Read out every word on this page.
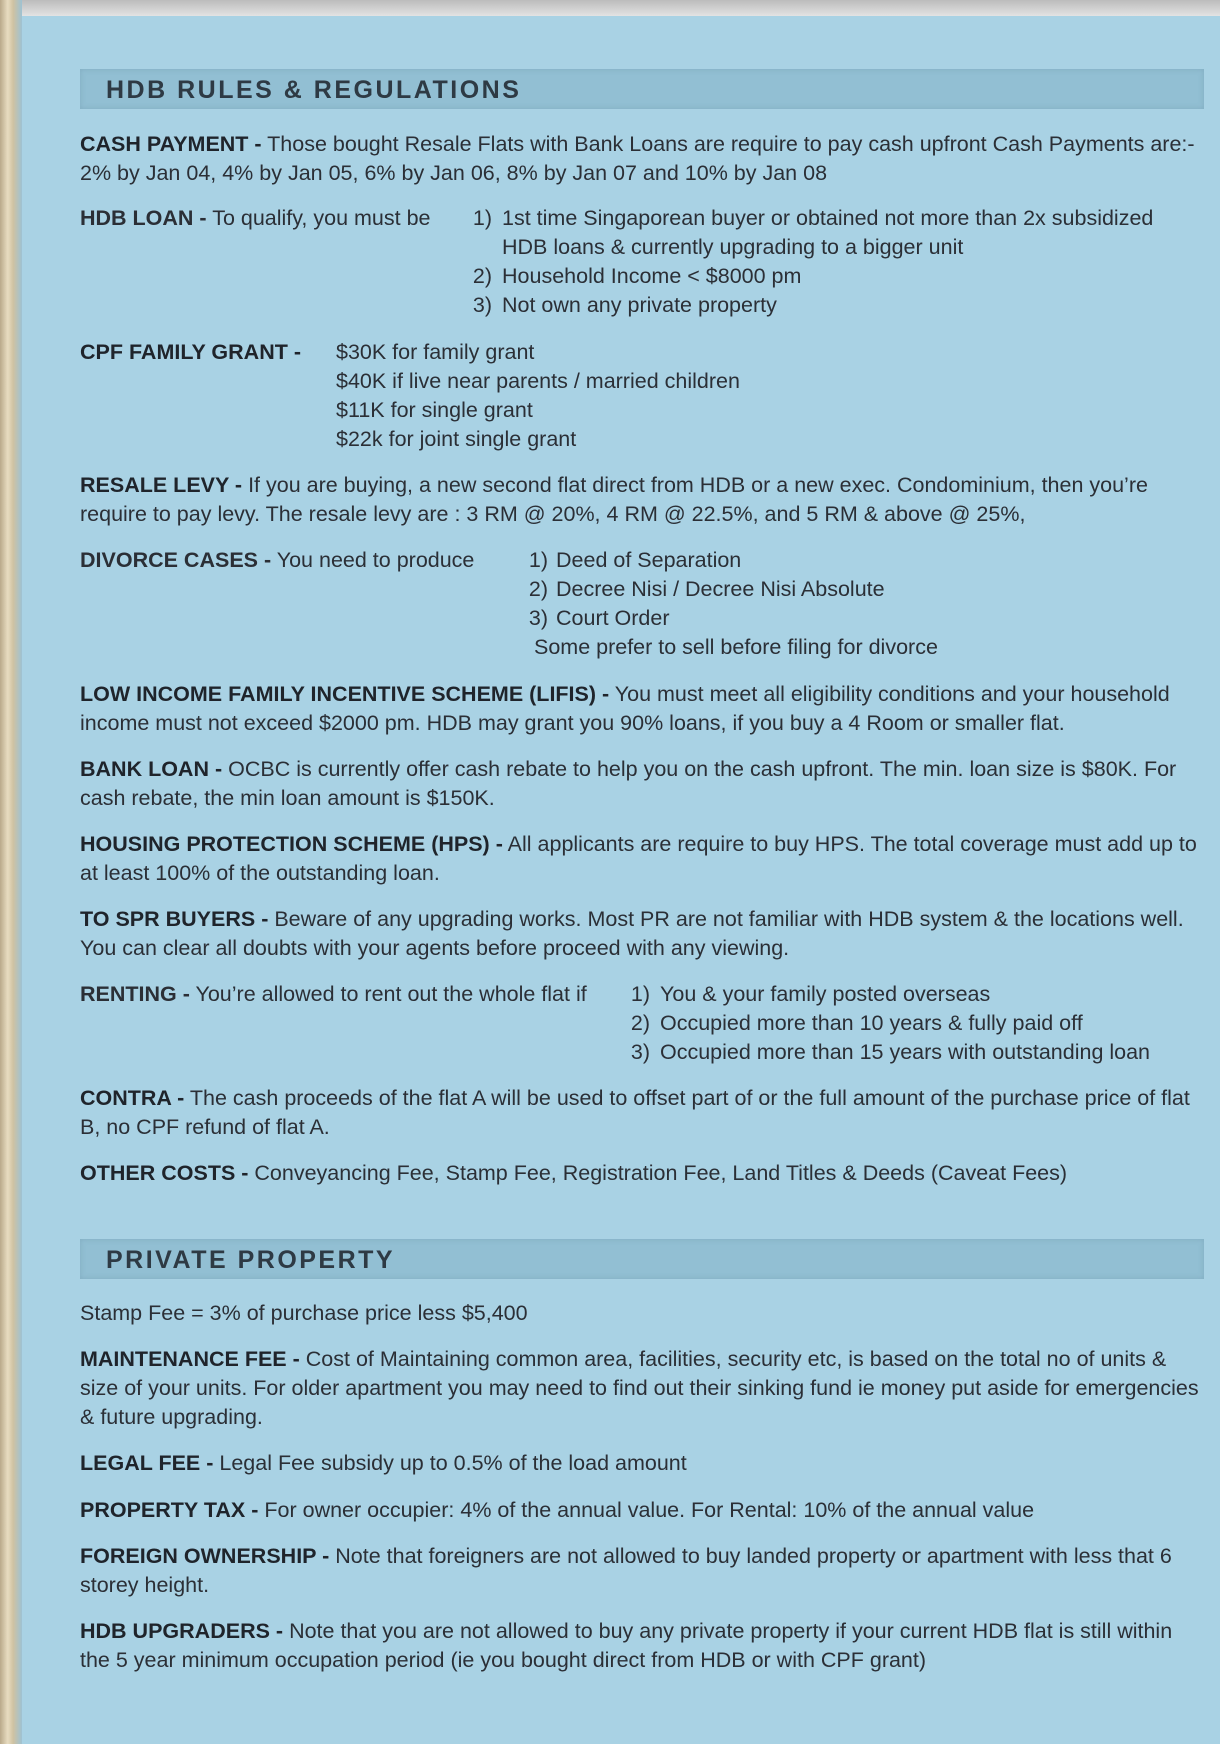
HDB RULES & REGULATIONS
CASH PAYMENT - Those bought Resale Flats with Bank Loans are require to pay cash upfront Cash Payments are:- 2% by Jan 04, 4% by Jan 05, 6% by Jan 06, 8% by Jan 07 and 10% by Jan 08
HDB LOAN - To qualify, you must be	1) 1st time Singaporean buyer or obtained not more than 2x subsidized
HDB loans & currently upgrading to a bigger unit
2) Household Income < $8000 pm
3) Not own any private property
CPF FAMILY GRANT - $30K for family grant
$40K if live near parents / married children
$11K for single grant
$22k for joint single grant
RESALE LEVY - If you are buying, a new second flat direct from HDB or a new exec. Condominium, then you’re require to pay levy. The resale levy are : 3 RM @ 20%, 4 RM @ 22.5%, and 5 RM & above @ 25%,
DIVORCE CASES - You need to produce	1) Deed of Separation
2) Decree Nisi / Decree Nisi Absolute
3) Court Order
Some prefer to sell before filing for divorce
LOW INCOME FAMILY INCENTIVE SCHEME (LIFIS) - You must meet all eligibility conditions and your household income must not exceed $2000 pm. HDB may grant you 90% loans, if you buy a 4 Room or smaller flat.
BANK LOAN - OCBC is currently offer cash rebate to help you on the cash upfront. The min. loan size is $80K. For cash rebate, the min loan amount is $150K.
HOUSING PROTECTION SCHEME (HPS) - All applicants are require to buy HPS. The total coverage must add up to at least 100% of the outstanding loan.
TO SPR BUYERS - Beware of any upgrading works. Most PR are not familiar with HDB system & the locations well. You can clear all doubts with your agents before proceed with any viewing.
RENTING - You’re allowed to rent out the whole flat if	1) You & your family posted overseas
2) Occupied more than 10 years & fully paid off
3) Occupied more than 15 years with outstanding loan
CONTRA - The cash proceeds of the flat A will be used to offset part of or the full amount of the purchase price of flat B, no CPF refund of flat A.
OTHER COSTS - Conveyancing Fee, Stamp Fee, Registration Fee, Land Titles & Deeds (Caveat Fees)
PRIVATE PROPERTY
Stamp Fee = 3% of purchase price less $5,400
MAINTENANCE FEE - Cost of Maintaining common area, facilities, security etc, is based on the total no of units & size of your units. For older apartment you may need to find out their sinking fund ie money put aside for emergencies & future upgrading.
LEGAL FEE - Legal Fee subsidy up to 0.5% of the load amount
PROPERTY TAX - For owner occupier: 4% of the annual value. For Rental: 10% of the annual value
FOREIGN OWNERSHIP - Note that foreigners are not allowed to buy landed property or apartment with less that 6 storey height.
HDB UPGRADERS - Note that you are not allowed to buy any private property if your current HDB flat is still within the 5 year minimum occupation period (ie you bought direct from HDB or with CPF grant)
